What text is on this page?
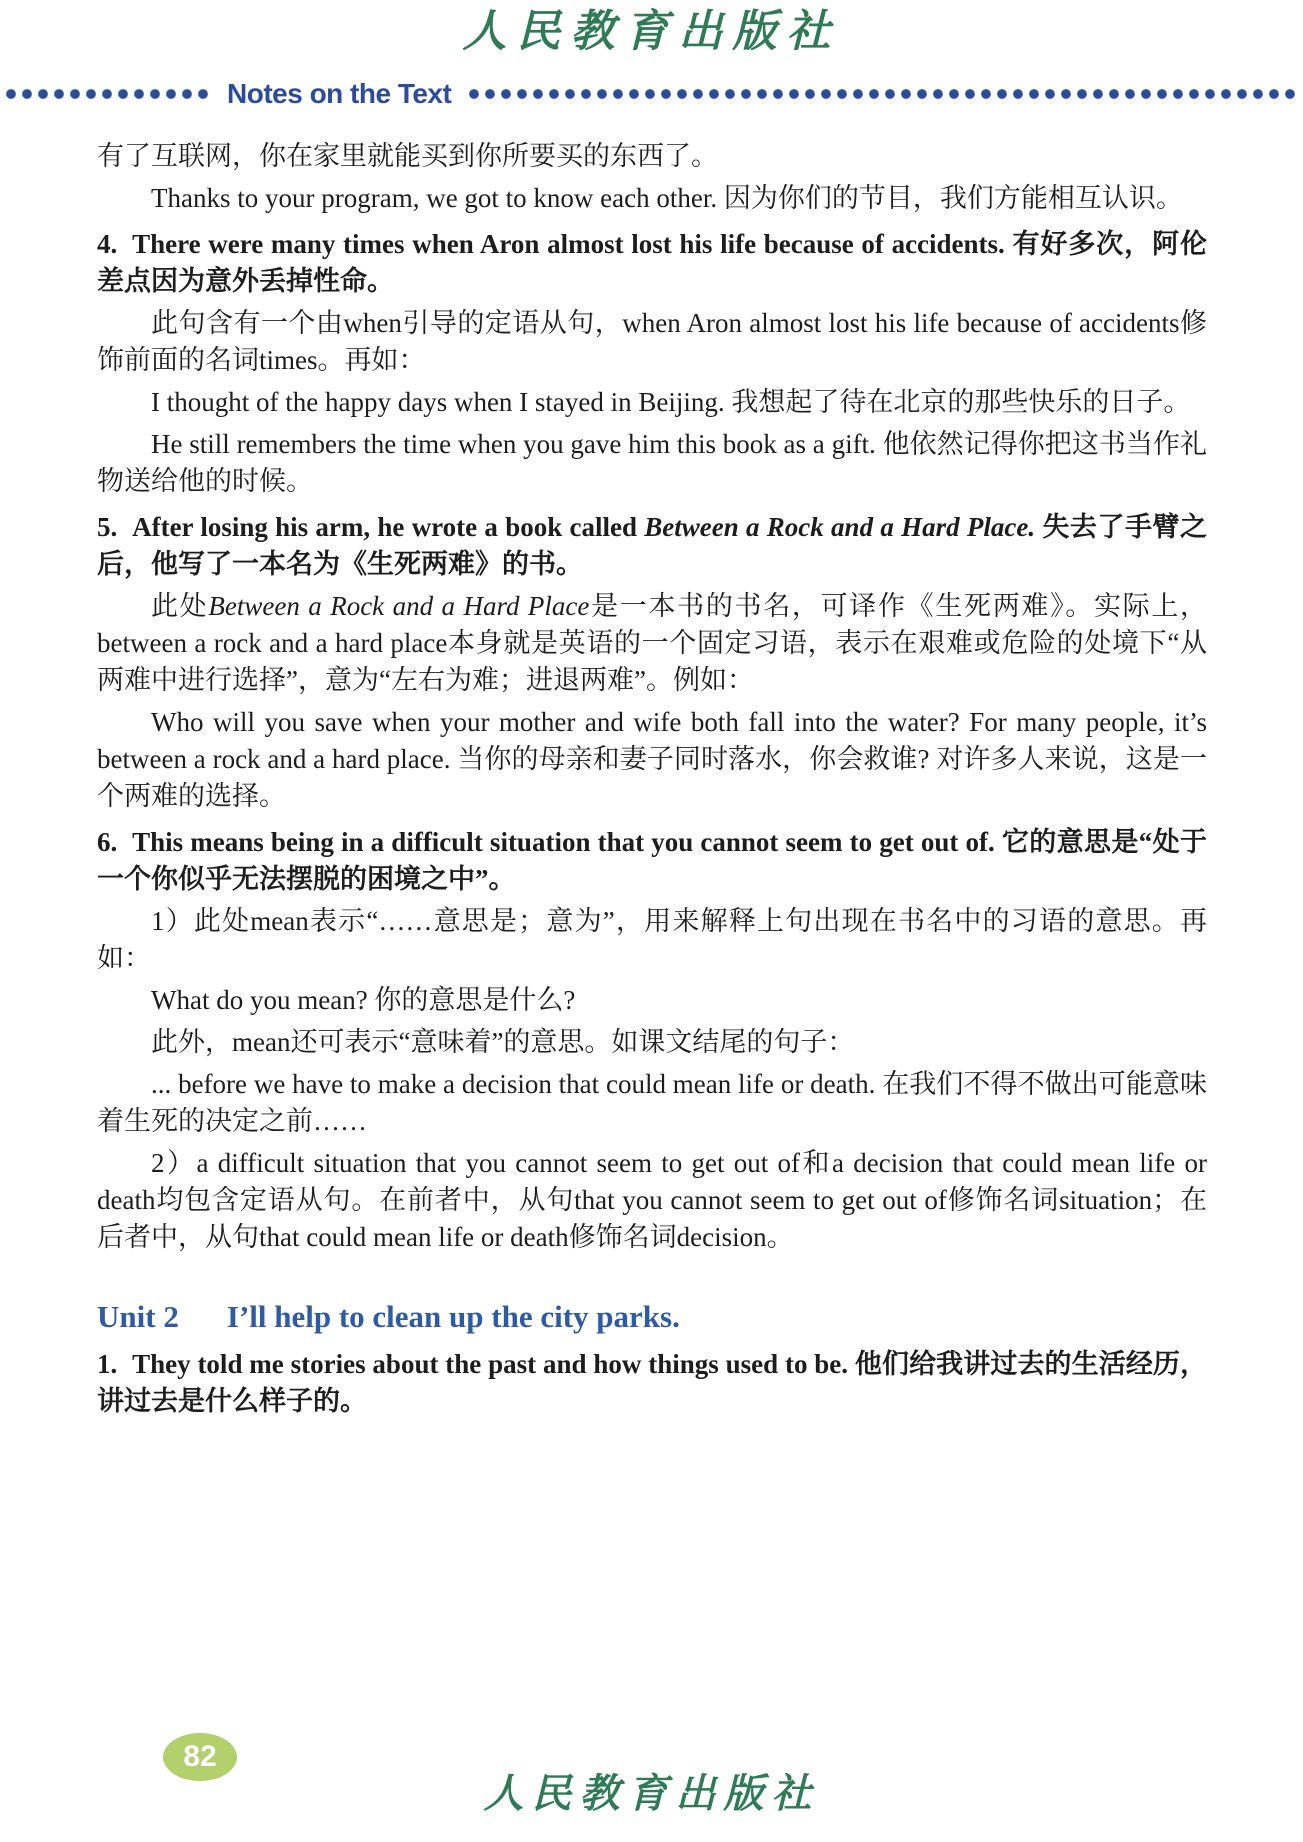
人民教育出版社
Notes on the Text

有了互联网，你在家里就能买到你所要买的东西了。

Thanks to your program, we got to know each other. 因为你们的节目，我们方能相互认识。

4. There were many times when Aron almost lost his life because of accidents. 有好多次，阿伦差点因为意外丢掉性命。

此句含有一个由when引导的定语从句，when Aron almost lost his life because of accidents修饰前面的名词times。再如：

I thought of the happy days when I stayed in Beijing. 我想起了待在北京的那些快乐的日子。

He still remembers the time when you gave him this book as a gift. 他依然记得你把这书当作礼物送给他的时候。

5. After losing his arm, he wrote a book called Between a Rock and a Hard Place. 失去了手臂之后，他写了一本名为《生死两难》的书。

此处Between a Rock and a Hard Place是一本书的书名，可译作《生死两难》。实际上，between a rock and a hard place本身就是英语的一个固定习语，表示在艰难或危险的处境下“从两难中进行选择”，意为“左右为难；进退两难”。例如：

Who will you save when your mother and wife both fall into the water? For many people, it’s between a rock and a hard place. 当你的母亲和妻子同时落水，你会救谁? 对许多人来说，这是一个两难的选择。

6. This means being in a difficult situation that you cannot seem to get out of. 它的意思是“处于一个你似乎无法摆脱的困境之中”。

1）此处mean表示“……意思是；意为”，用来解释上句出现在书名中的习语的意思。再如：

What do you mean? 你的意思是什么?

此外，mean还可表示“意味着”的意思。如课文结尾的句子：

... before we have to make a decision that could mean life or death. 在我们不得不做出可能意味着生死的决定之前……

2）a difficult situation that you cannot seem to get out of和a decision that could mean life or death均包含定语从句。在前者中，从句that you cannot seem to get out of修饰名词situation；在后者中，从句that could mean life or death修饰名词decision。

Unit 2 I’ll help to clean up the city parks.

1. They told me stories about the past and how things used to be. 他们给我讲过去的生活经历，讲过去是什么样子的。

82
人民教育出版社
